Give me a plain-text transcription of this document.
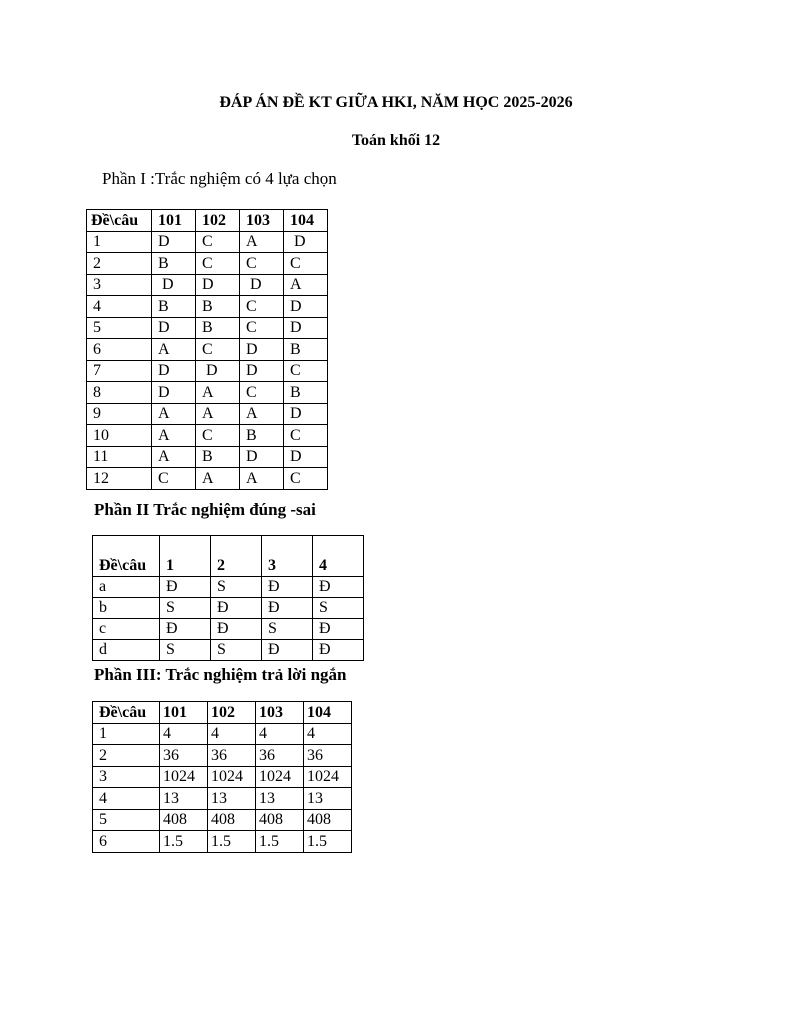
ĐÁP ÁN ĐỀ KT GIỮA HKI, NĂM HỌC 2025-2026
Toán khối 12
Phần I :Trắc nghiệm có 4 lựa chọn
Đề\câu	101	102	103	104
1	D	C	A	D
2	B	C	C	C
3	D	D	D	A
4	B	B	C	D
5	D	B	C	D
6	A	C	D	B
7	D	D	D	C
8	D	A	C	B
9	A	A	A	D
10	A	C	B	C
11	A	B	D	D
12	C	A	A	C
Phần II Trắc nghiệm đúng -sai
Đề\câu	1	2	3	4
a	Đ	S	Đ	Đ
b	S	Đ	Đ	S
c	Đ	Đ	S	Đ
d	S	S	Đ	Đ
Phần III: Trắc nghiệm trả lời ngắn
Đề\câu	101	102	103	104
1	4	4	4	4
2	36	36	36	36
3	1024	1024	1024	1024
4	13	13	13	13
5	408	408	408	408
6	1.5	1.5	1.5	1.5
